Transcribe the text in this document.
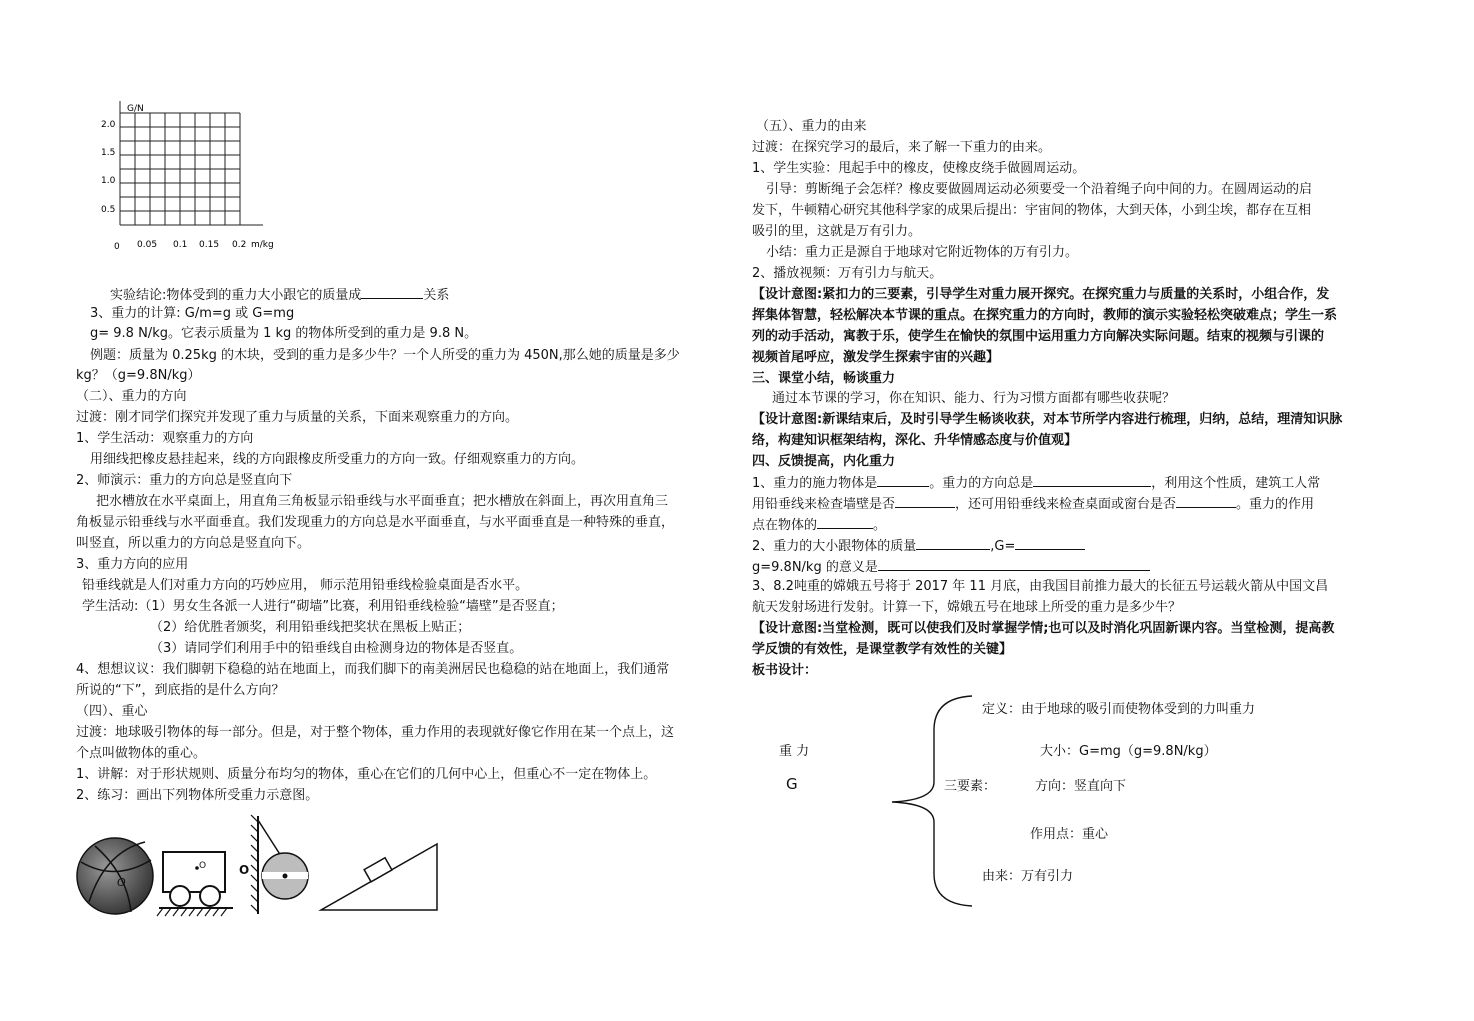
G/N
2.0
1.5
1.0
0.5
0 0.05 0.1 0.15 0.2 m/kg
实验结论:物体受到的重力大小跟它的质量成	关系
3、重力的计算: G/m=g 或 G=mg
g= 9.8 N/kg。它表示质量为 1 kg 的物体所受到的重力是 9.8 N。
例题：质量为 0.25kg 的木块，受到的重力是多少牛？一个人所受的重力为 450N,那么她的质量是多少
kg？（g=9.8N/kg）
（二）、重力的方向
过渡：刚才同学们探究并发现了重力与质量的关系，下面来观察重力的方向。
1、学生活动：观察重力的方向
用细线把橡皮悬挂起来，线的方向跟橡皮所受重力的方向一致。仔细观察重力的方向。
2、师演示：重力的方向总是竖直向下
把水槽放在水平桌面上，用直角三角板显示铅垂线与水平面垂直；把水槽放在斜面上，再次用直角三
角板显示铅垂线与水平面垂直。我们发现重力的方向总是水平面垂直，与水平面垂直是一种特殊的垂直，
叫竖直，所以重力的方向总是竖直向下。
3、重力方向的应用
铅垂线就是人们对重力方向的巧妙应用， 师示范用铅垂线检验桌面是否水平。
学生活动:（1）男女生各派一人进行“砌墙”比赛，利用铅垂线检验“墙壁”是否竖直；
（2）给优胜者颁奖，利用铅垂线把奖状在黑板上贴正；
（3）请同学们利用手中的铅垂线自由检测身边的物体是否竖直。
4、想想议议：我们脚朝下稳稳的站在地面上，而我们脚下的南美洲居民也稳稳的站在地面上，我们通常
所说的“下”，到底指的是什么方向？
（四）、重心
过渡：地球吸引物体的每一部分。但是，对于整个物体，重力作用的表现就好像它作用在某一个点上，这
个点叫做物体的重心。
1、讲解：对于形状规则、质量分布均匀的物体，重心在它们的几何中心上，但重心不一定在物体上。
2、练习：画出下列物体所受重力示意图。
O
O	O
（五）、重力的由来
过渡：在探究学习的最后，来了解一下重力的由来。
1、学生实验：甩起手中的橡皮，使橡皮绕手做圆周运动。
引导：剪断绳子会怎样？橡皮要做圆周运动必须要受一个沿着绳子向中间的力。在圆周运动的启
发下，牛顿精心研究其他科学家的成果后提出：宇宙间的物体，大到天体，小到尘埃，都存在互相
吸引的里，这就是万有引力。
小结：重力正是源自于地球对它附近物体的万有引力。
2、播放视频：万有引力与航天。
【设计意图:紧扣力的三要素，引导学生对重力展开探究。在探究重力与质量的关系时，小组合作，发
挥集体智慧，轻松解决本节课的重点。在探究重力的方向时，教师的演示实验轻松突破难点；学生一系
列的动手活动，寓教于乐，使学生在愉快的氛围中运用重力方向解决实际问题。结束的视频与引课的
视频首尾呼应，激发学生探索宇宙的兴趣】
三、课堂小结，畅谈重力
通过本节课的学习，你在知识、能力、行为习惯方面都有哪些收获呢？
【设计意图:新课结束后，及时引导学生畅谈收获，对本节所学内容进行梳理，归纳，总结，理清知识脉
络，构建知识框架结构，深化、升华情感态度与价值观】
四、反馈提高，内化重力
1、重力的施力物体是	。重力的方向总是	，利用这个性质，建筑工人常
用铅垂线来检查墙壁是否	，还可用铅垂线来检查桌面或窗台是否	。重力的作用
点在物体的	。
2、重力的大小跟物体的质量	,G=
g=9.8N/kg 的意义是
3、8.2吨重的嫦娥五号将于 2017 年 11 月底，由我国目前推力最大的长征五号运载火箭从中国文昌
航天发射场进行发射。计算一下，嫦娥五号在地球上所受的重力是多少牛？
【设计意图:当堂检测，既可以使我们及时掌握学情;也可以及时消化巩固新课内容。当堂检测，提高教
学反馈的有效性，是课堂教学有效性的关键】
板书设计：
定义：由于地球的吸引而使物体受到的力叫重力
重 力
G
大小：G=mg（g=9.8N/kg）
三要素：	方向：竖直向下
作用点：重心
由来：万有引力
